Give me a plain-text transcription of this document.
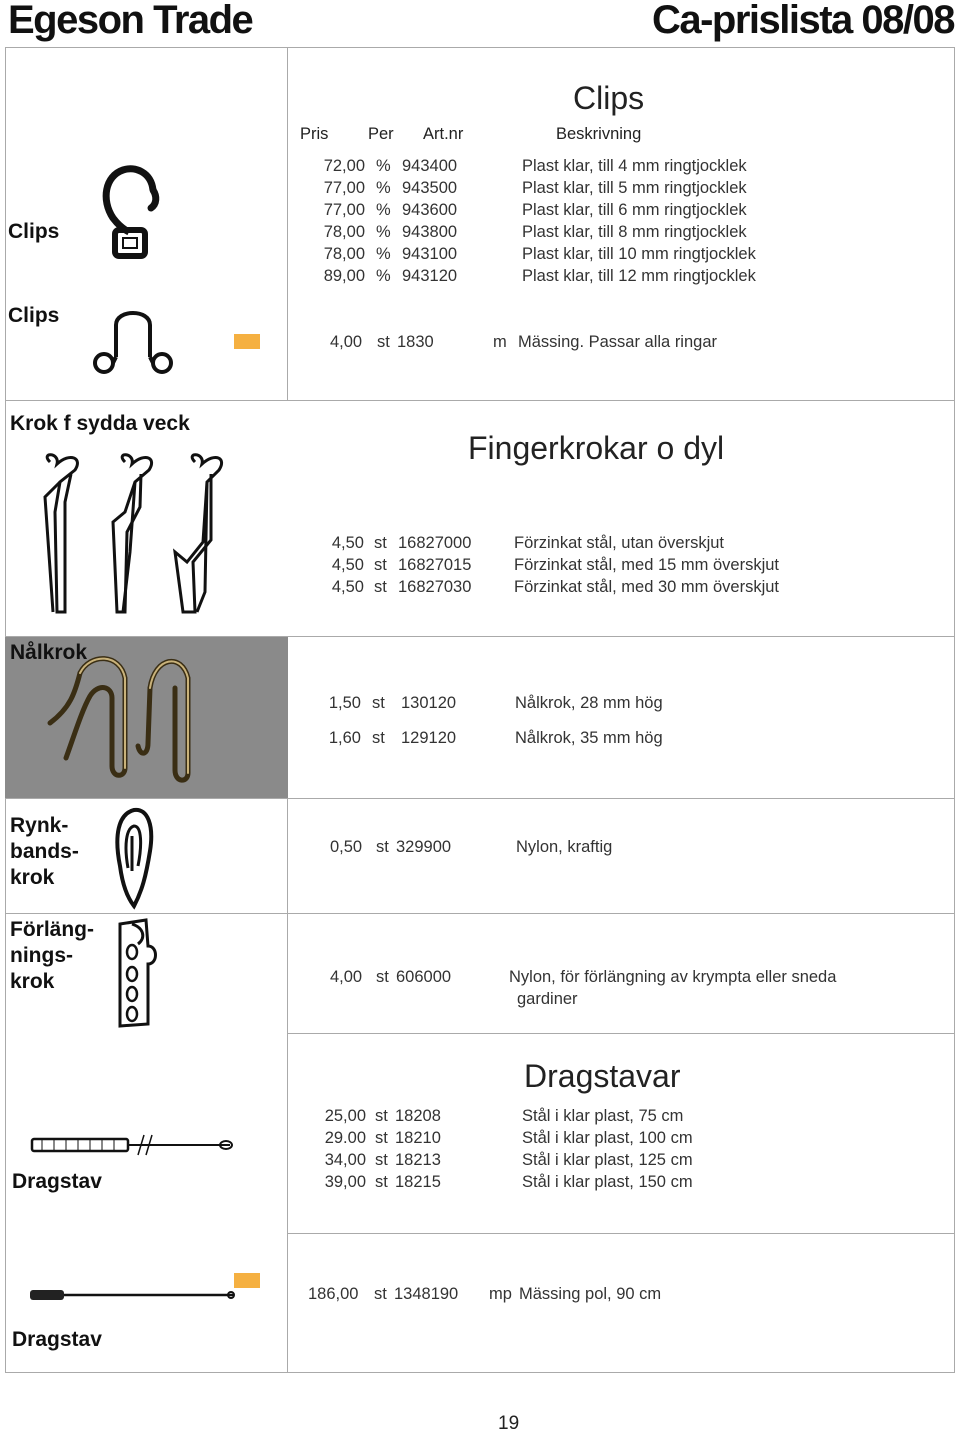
Egeson Trade	Ca-prislista 08/08
Clips
Pris Per Art.nr	Beskrivning
Clips
72,00 % 943400	Plast klar, till 4 mm ringtjocklek
77,00 % 943500	Plast klar, till 5 mm ringtjocklek
77,00 % 943600	Plast klar, till 6 mm ringtjocklek
78,00 % 943800	Plast klar, till 8 mm ringtjocklek
78,00 % 943100	Plast klar, till 10 mm ringtjocklek
89,00 % 943120	Plast klar, till 12 mm ringtjocklek
Clips
4,00 st 1830	m Mässing. Passar alla ringar
Krok f sydda veck
Fingerkrokar o dyl
4,50 st 16827000	Förzinkat stål, utan överskjut
4,50 st 16827015	Förzinkat stål, med 15 mm överskjut
4,50 st 16827030	Förzinkat stål, med 30 mm överskjut
Nålkrok
1,50 st 130120	Nålkrok, 28 mm hög
1,60 st 129120	Nålkrok, 35 mm hög
Rynk-
bands-
krok
0,50 st 329900	Nylon, kraftig
Förläng-
nings-
krok	4,00 st 606000	Nylon, för förlängning av krympta eller sneda
gardiner
Dragstavar
Dragstav
25,00 st 18208	Stål i klar plast, 75 cm
29.00 st 18210	Stål i klar plast, 100 cm
34,00 st 18213	Stål i klar plast, 125 cm
39,00 st 18215	Stål i klar plast, 150 cm
186,00 st 1348190 mp Mässing pol, 90 cm
Dragstav
19
